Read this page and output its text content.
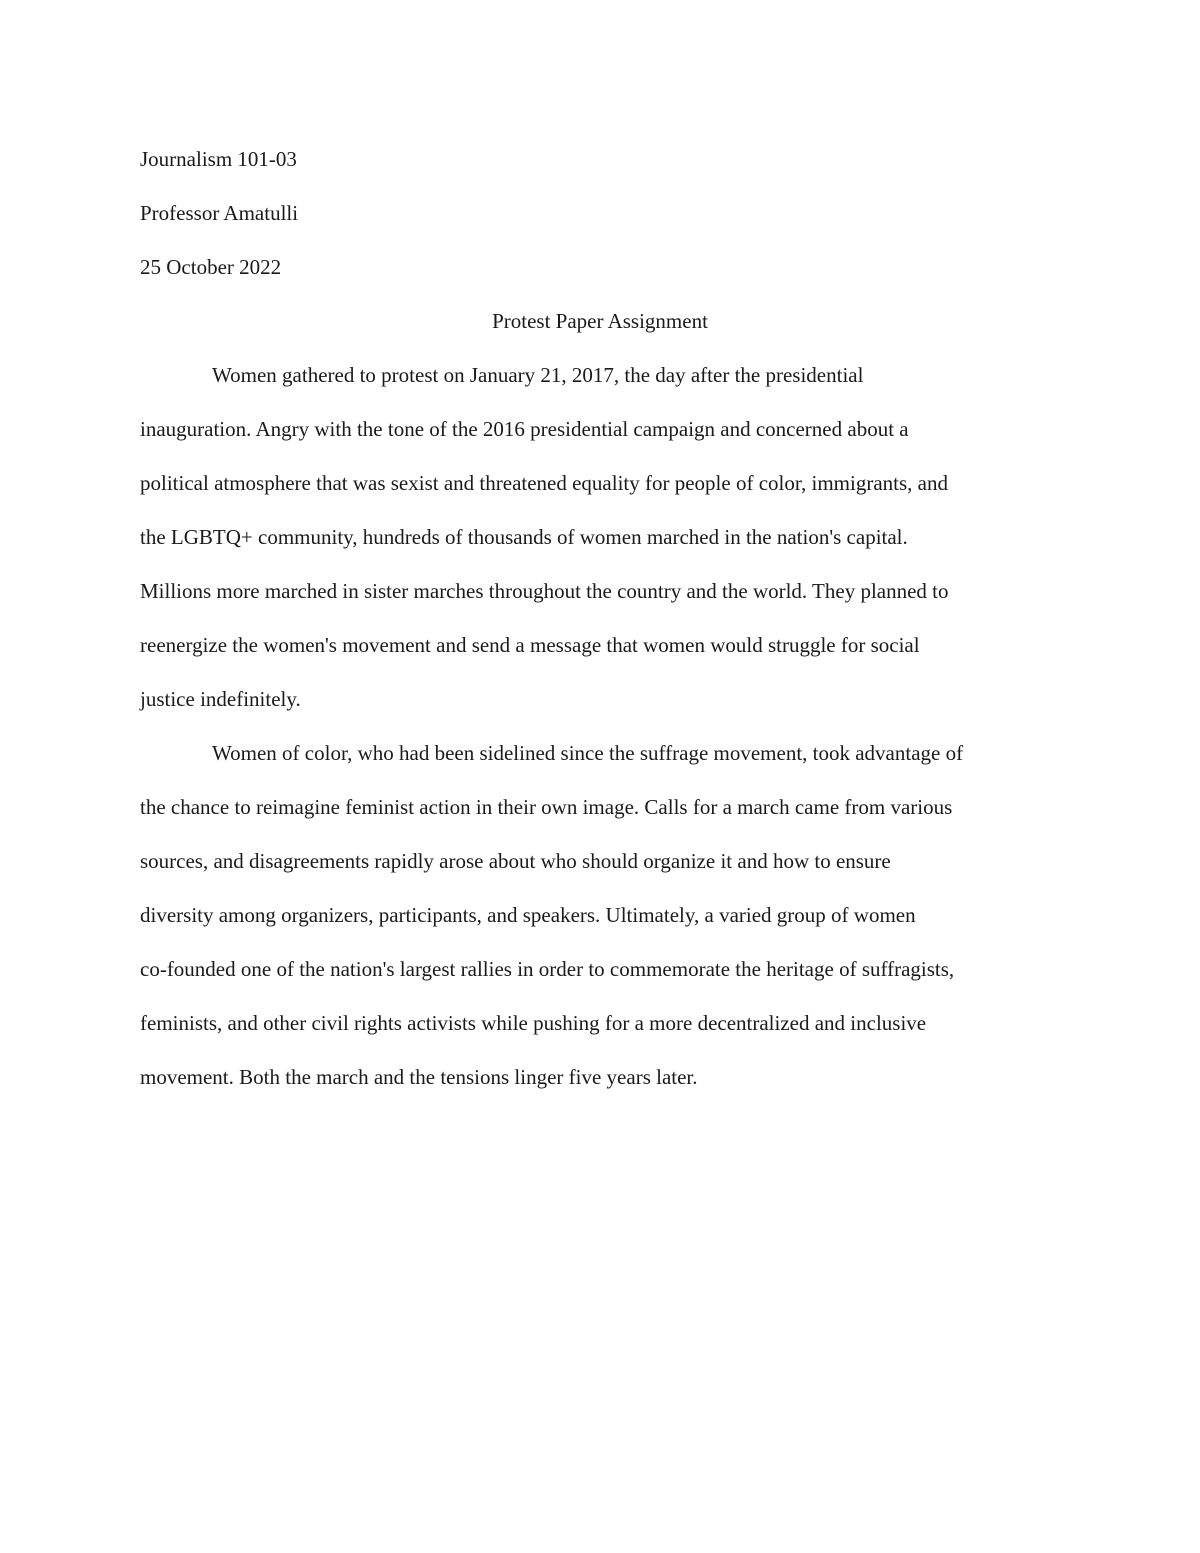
Journalism 101-03

Professor Amatulli

25 October 2022

Protest Paper Assignment

Women gathered to protest on January 21, 2017, the day after the presidential
inauguration. Angry with the tone of the 2016 presidential campaign and concerned about a
political atmosphere that was sexist and threatened equality for people of color, immigrants, and
the LGBTQ+ community, hundreds of thousands of women marched in the nation's capital.
Millions more marched in sister marches throughout the country and the world. They planned to
reenergize the women's movement and send a message that women would struggle for social
justice indefinitely.
Women of color, who had been sidelined since the suffrage movement, took advantage of
the chance to reimagine feminist action in their own image. Calls for a march came from various
sources, and disagreements rapidly arose about who should organize it and how to ensure
diversity among organizers, participants, and speakers. Ultimately, a varied group of women
co-founded one of the nation's largest rallies in order to commemorate the heritage of suffragists,
feminists, and other civil rights activists while pushing for a more decentralized and inclusive
movement. Both the march and the tensions linger five years later.
